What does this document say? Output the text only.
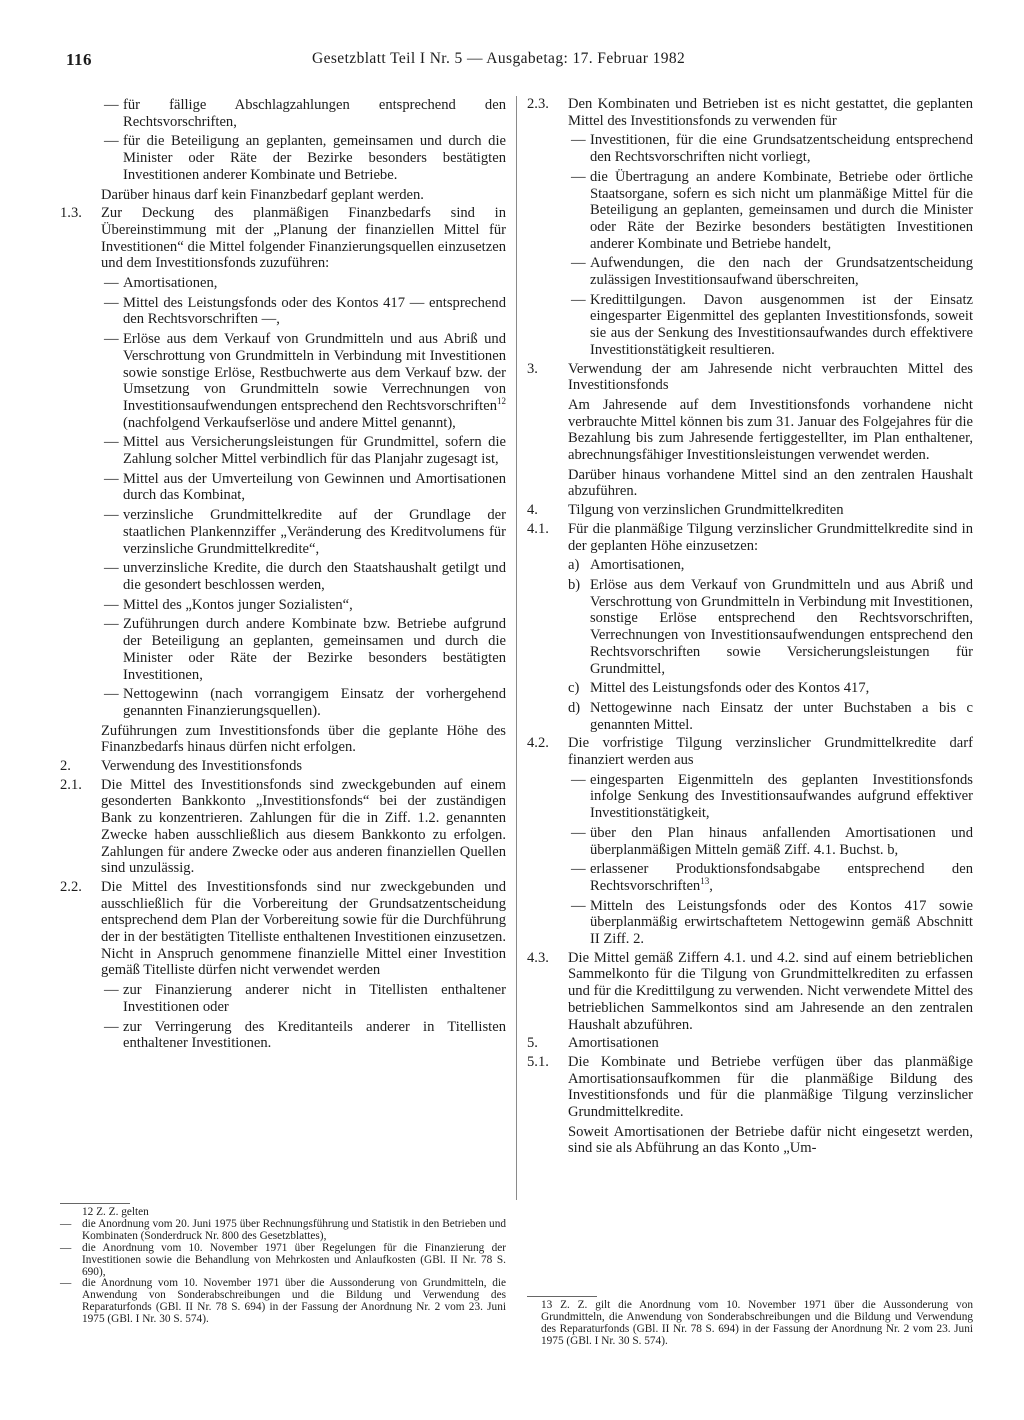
116	Gesetzblatt Teil I Nr. 5 — Ausgabetag: 17. Februar 1982
— für fällige Abschlagzahlungen entsprechend den Rechtsvorschriften,
— für die Beteiligung an geplanten, gemeinsamen und durch die Minister oder Räte der Bezirke besonders bestätigten Investitionen anderer Kombinate und Betriebe.
Darüber hinaus darf kein Finanzbedarf geplant werden.
1.3. Zur Deckung des planmäßigen Finanzbedarfs sind in Übereinstimmung mit der „Planung der finanziellen Mittel für Investitionen“ die Mittel folgender Finanzierungsquellen einzusetzen und dem Investitionsfonds zuzuführen:
— Amortisationen,
— Mittel des Leistungsfonds oder des Kontos 417 — entsprechend den Rechtsvorschriften —,
— Erlöse aus dem Verkauf von Grundmitteln und aus Abriß und Verschrottung von Grundmitteln in Verbindung mit Investitionen sowie sonstige Erlöse, Restbuchwerte aus dem Verkauf bzw. der Umsetzung von Grundmitteln sowie Verrechnungen von Investitionsaufwendungen entsprechend den Rechtsvorschriften$^{12}$ (nachfolgend Verkaufserlöse und andere Mittel genannt),
— Mittel aus Versicherungsleistungen für Grundmittel, sofern die Zahlung solcher Mittel verbindlich für das Planjahr zugesagt ist,
— Mittel aus der Umverteilung von Gewinnen und Amortisationen durch das Kombinat,
— verzinsliche Grundmittelkredite auf der Grundlage der staatlichen Plankennziffer „Veränderung des Kreditvolumens für verzinsliche Grundmittelkredite“,
— unverzinsliche Kredite, die durch den Staatshaushalt getilgt und die gesondert beschlossen werden,
— Mittel des „Kontos junger Sozialisten“,
— Zuführungen durch andere Kombinate bzw. Betriebe aufgrund der Beteiligung an geplanten, gemeinsamen und durch die Minister oder Räte der Bezirke besonders bestätigten Investitionen,
— Nettogewinn (nach vorrangigem Einsatz der vorhergehend genannten Finanzierungsquellen).
Zuführungen zum Investitionsfonds über die geplante Höhe des Finanzbedarfs hinaus dürfen nicht erfolgen.
2. Verwendung des Investitionsfonds
2.1. Die Mittel des Investitionsfonds sind zweckgebunden auf einem gesonderten Bankkonto „Investitionsfonds“ bei der zuständigen Bank zu konzentrieren. Zahlungen für die in Ziff. 1.2. genannten Zwecke haben ausschließlich aus diesem Bankkonto zu erfolgen. Zahlungen für andere Zwecke oder aus anderen finanziellen Quellen sind unzulässig.
2.2. Die Mittel des Investitionsfonds sind nur zweckgebunden und ausschließlich für die Vorbereitung der Grundsatzentscheidung entsprechend dem Plan der Vorbereitung sowie für die Durchführung der in der bestätigten Titelliste enthaltenen Investitionen einzusetzen. Nicht in Anspruch genommene finanzielle Mittel einer Investition gemäß Titelliste dürfen nicht verwendet werden
— zur Finanzierung anderer nicht in Titellisten enthaltener Investitionen oder
— zur Verringerung des Kreditanteils anderer in Titellisten enthaltener Investitionen.
2.3. Den Kombinaten und Betrieben ist es nicht gestattet, die geplanten Mittel des Investitionsfonds zu verwenden für
— Investitionen, für die eine Grundsatzentscheidung entsprechend den Rechtsvorschriften nicht vorliegt,
— die Übertragung an andere Kombinate, Betriebe oder örtliche Staatsorgane, sofern es sich nicht um planmäßige Mittel für die Beteiligung an geplanten, gemeinsamen und durch die Minister oder Räte der Bezirke besonders bestätigten Investitionen anderer Kombinate und Betriebe handelt,
— Aufwendungen, die den nach der Grundsatzentscheidung zulässigen Investitionsaufwand überschreiten,
— Kredittilgungen. Davon ausgenommen ist der Einsatz eingesparter Eigenmittel des geplanten Investitionsfonds, soweit sie aus der Senkung des Investitionsaufwandes durch effektivere Investitionstätigkeit resultieren.
3. Verwendung der am Jahresende nicht verbrauchten Mittel des Investitionsfonds
Am Jahresende auf dem Investitionsfonds vorhandene nicht verbrauchte Mittel können bis zum 31. Januar des Folgejahres für die Bezahlung bis zum Jahresende fertiggestellter, im Plan enthaltener, abrechnungsfähiger Investitionsleistungen verwendet werden.
Darüber hinaus vorhandene Mittel sind an den zentralen Haushalt abzuführen.
4. Tilgung von verzinslichen Grundmittelkrediten
4.1. Für die planmäßige Tilgung verzinslicher Grundmittelkredite sind in der geplanten Höhe einzusetzen:
a) Amortisationen,
b) Erlöse aus dem Verkauf von Grundmitteln und aus Abriß und Verschrottung von Grundmitteln in Verbindung mit Investitionen, sonstige Erlöse entsprechend den Rechtsvorschriften, Verrechnungen von Investitionsaufwendungen entsprechend den Rechtsvorschriften sowie Versicherungsleistungen für Grundmittel,
c) Mittel des Leistungsfonds oder des Kontos 417,
d) Nettogewinne nach Einsatz der unter Buchstaben a bis c genannten Mittel.
4.2. Die vorfristige Tilgung verzinslicher Grundmittelkredite darf finanziert werden aus
— eingesparten Eigenmitteln des geplanten Investitionsfonds infolge Senkung des Investitionsaufwandes aufgrund effektiver Investitionstätigkeit,
— über den Plan hinaus anfallenden Amortisationen und überplanmäßigen Mitteln gemäß Ziff. 4.1. Buchst. b,
— erlassener Produktionsfondsabgabe entsprechend den Rechtsvorschriften$^{13}$,
— Mitteln des Leistungsfonds oder des Kontos 417 sowie überplanmäßig erwirtschaftetem Nettogewinn gemäß Abschnitt II Ziff. 2.
4.3. Die Mittel gemäß Ziffern 4.1. und 4.2. sind auf einem betrieblichen Sammelkonto für die Tilgung von Grundmittelkrediten zu erfassen und für die Kredittilgung zu verwenden. Nicht verwendete Mittel des betrieblichen Sammelkontos sind am Jahresende an den zentralen Haushalt abzuführen.
5. Amortisationen
5.1. Die Kombinate und Betriebe verfügen über das planmäßige Amortisationsaufkommen für die planmäßige Bildung des Investitionsfonds und für die planmäßige Tilgung verzinslicher Grundmittelkredite.
Soweit Amortisationen der Betriebe dafür nicht eingesetzt werden, sind sie als Abführung an das Konto „Um-
12 Z. Z. gelten
— die Anordnung vom 20. Juni 1975 über Rechnungsführung und Statistik in den Betrieben und Kombinaten (Sonderdruck Nr. 800 des Gesetzblattes),
— die Anordnung vom 10. November 1971 über Regelungen für die Finanzierung der Investitionen sowie die Behandlung von Mehrkosten und Anlaufkosten (GBl. II Nr. 78 S. 690),
— die Anordnung vom 10. November 1971 über die Aussonderung von Grundmitteln, die Anwendung von Sonderabschreibungen und die Bildung und Verwendung des Reparaturfonds (GBl. II Nr. 78 S. 694) in der Fassung der Anordnung Nr. 2 vom 23. Juni 1975 (GBl. I Nr. 30 S. 574).
13 Z. Z. gilt die Anordnung vom 10. November 1971 über die Aussonderung von Grundmitteln, die Anwendung von Sonderabschreibungen und die Bildung und Verwendung des Reparaturfonds (GBl. II Nr. 78 S. 694) in der Fassung der Anordnung Nr. 2 vom 23. Juni 1975 (GBl. I Nr. 30 S. 574).
